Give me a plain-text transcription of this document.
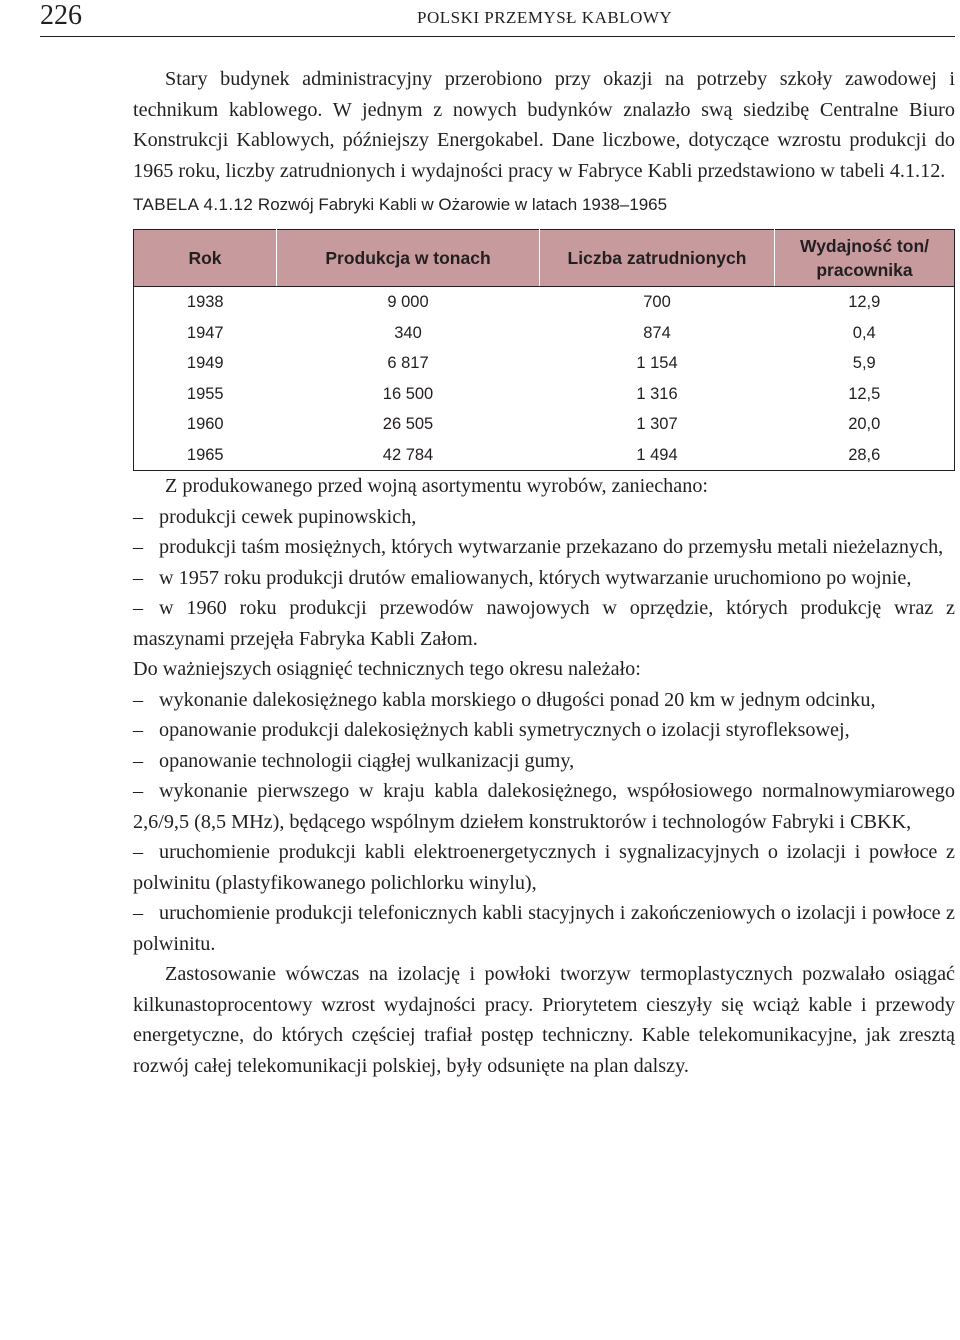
226	POLSKI PRZEMYSŁ KABLOWY

Stary budynek administracyjny przerobiono przy okazji na potrzeby szkoły zawodowej i technikum kablowego. W jednym z nowych budynków znalazło swą siedzibę Centralne Biuro Konstrukcji Kablowych, późniejszy Energokabel. Dane liczbowe, dotyczące wzrostu produkcji do 1965 roku, liczby zatrudnionych i wydajności pracy w Fabryce Kabli przedstawiono w tabeli 4.1.12.

TABELA 4.1.12 Rozwój Fabryki Kabli w Ożarowie w latach 1938–1965
Rok	Produkcja w tonach	Liczba zatrudnionych	Wydajność ton/ pracownika
1938	9 000	700	12,9
1947	340	874	0,4
1949	6 817	1 154	5,9
1955	16 500	1 316	12,5
1960	26 505	1 307	20,0
1965	42 784	1 494	28,6

Z produkowanego przed wojną asortymentu wyrobów, zaniechano:

– produkcji cewek pupinowskich,

– produkcji taśm mosiężnych, których wytwarzanie przekazano do przemysłu metali nieżelaznych,

– w 1957 roku produkcji drutów emaliowanych, których wytwarzanie uruchomiono po wojnie,

– w 1960 roku produkcji przewodów nawojowych w oprzędzie, których produkcję wraz z maszynami przejęła Fabryka Kabli Załom.

Do ważniejszych osiągnięć technicznych tego okresu należało:

– wykonanie dalekosiężnego kabla morskiego o długości ponad 20 km w jednym odcinku,

– opanowanie produkcji dalekosiężnych kabli symetrycznych o izolacji styrofleksowej,

– opanowanie technologii ciągłej wulkanizacji gumy,

– wykonanie pierwszego w kraju kabla dalekosiężnego, współosiowego normalnowymiarowego 2,6/9,5 (8,5 MHz), będącego wspólnym dziełem konstruktorów i technologów Fabryki i CBKK,

– uruchomienie produkcji kabli elektroenergetycznych i sygnalizacyjnych o izolacji i powłoce z polwinitu (plastyfikowanego polichlorku winylu),

– uruchomienie produkcji telefonicznych kabli stacyjnych i zakończeniowych o izolacji i powłoce z polwinitu.

Zastosowanie wówczas na izolację i powłoki tworzyw termoplastycznych pozwalało osiągać kilkunastoprocentowy wzrost wydajności pracy. Priorytetem cieszyły się wciąż kable i przewody energetyczne, do których częściej trafiał postęp techniczny. Kable telekomunikacyjne, jak zresztą rozwój całej telekomunikacji polskiej, były odsunięte na plan dalszy.
